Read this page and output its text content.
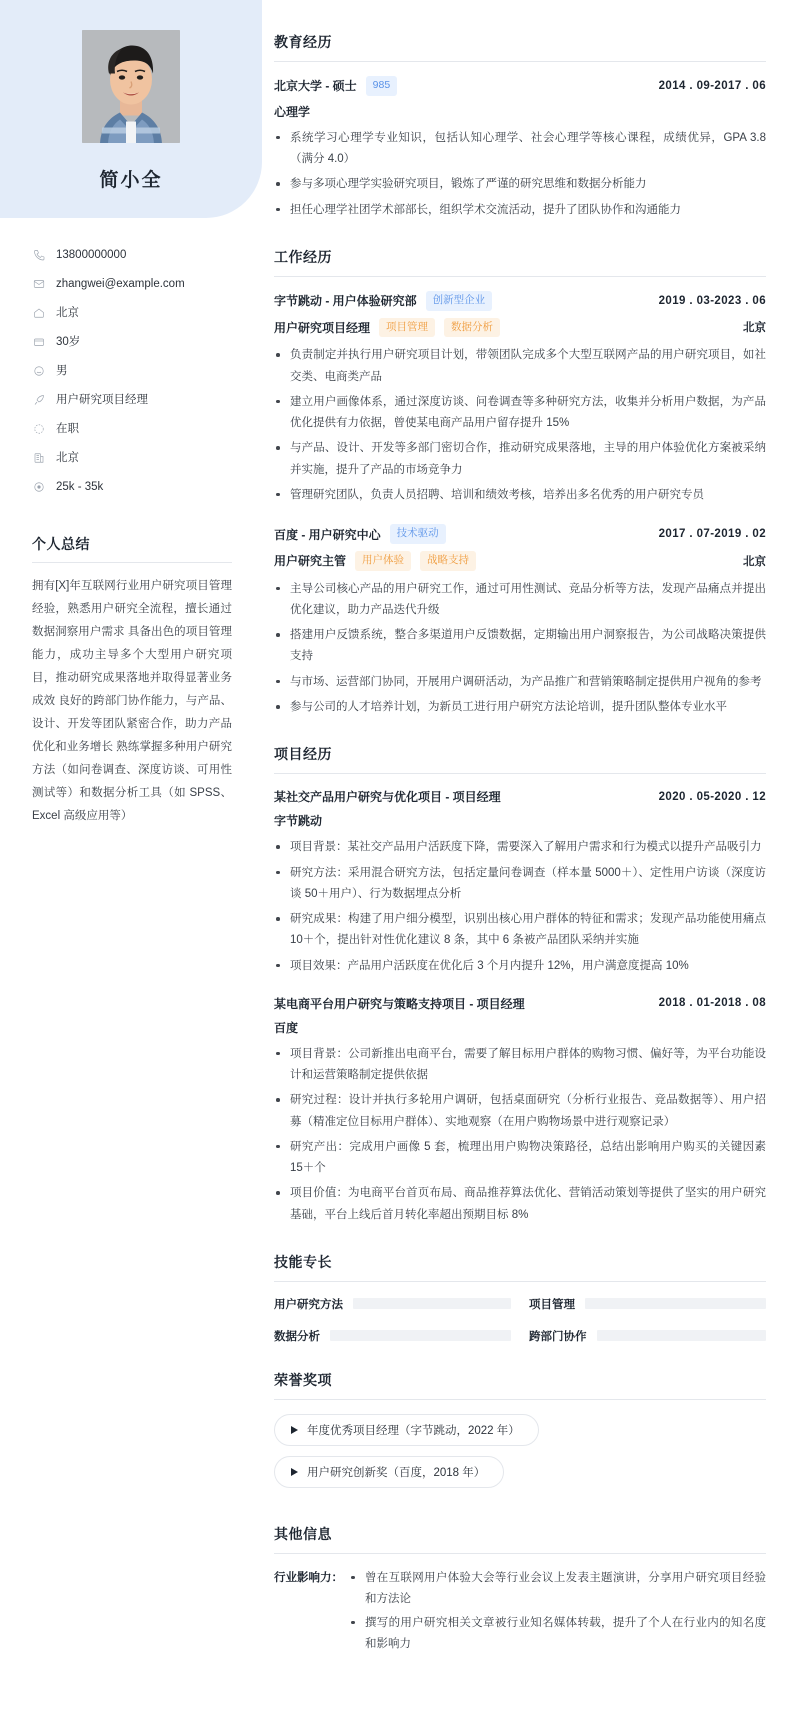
简小全
13800000000
zhangwei@example.com
北京
30岁
男
用户研究项目经理
在职
北京
25k - 35k
个人总结
拥有[X]年互联网行业用户研究项目管理经验，熟悉用户研究全流程，擅长通过数据洞察用户需求 具备出色的项目管理能力，成功主导多个大型用户研究项目，推动研究成果落地并取得显著业务成效 良好的跨部门协作能力，与产品、设计、开发等团队紧密合作，助力产品优化和业务增长 熟练掌握多种用户研究方法（如问卷调查、深度访谈、可用性测试等）和数据分析工具（如 SPSS、Excel 高级应用等）
教育经历
北京大学 - 硕士	985	2014 . 09-2017 . 06
心理学
系统学习心理学专业知识，包括认知心理学、社会心理学等核心课程，成绩优异，GPA 3.8（满分 4.0）
参与多项心理学实验研究项目，锻炼了严谨的研究思维和数据分析能力
担任心理学社团学术部部长，组织学术交流活动，提升了团队协作和沟通能力
工作经历
字节跳动 - 用户体验研究部	创新型企业	2019 . 03-2023 . 06
用户研究项目经理	项目管理	数据分析	北京
负责制定并执行用户研究项目计划，带领团队完成多个大型互联网产品的用户研究项目，如社交类、电商类产品
建立用户画像体系，通过深度访谈、问卷调查等多种研究方法，收集并分析用户数据，为产品优化提供有力依据，曾使某电商产品用户留存提升 15%
与产品、设计、开发等多部门密切合作，推动研究成果落地，主导的用户体验优化方案被采纳并实施，提升了产品的市场竞争力
管理研究团队，负责人员招聘、培训和绩效考核，培养出多名优秀的用户研究专员
百度 - 用户研究中心	技术驱动	2017 . 07-2019 . 02
用户研究主管	用户体验	战略支持	北京
主导公司核心产品的用户研究工作，通过可用性测试、竞品分析等方法，发现产品痛点并提出优化建议，助力产品迭代升级
搭建用户反馈系统，整合多渠道用户反馈数据，定期输出用户洞察报告，为公司战略决策提供支持
与市场、运营部门协同，开展用户调研活动，为产品推广和营销策略制定提供用户视角的参考
参与公司的人才培养计划，为新员工进行用户研究方法论培训，提升团队整体专业水平
项目经历
某社交产品用户研究与优化项目 - 项目经理	2020 . 05-2020 . 12
字节跳动
项目背景：某社交产品用户活跃度下降，需要深入了解用户需求和行为模式以提升产品吸引力
研究方法：采用混合研究方法，包括定量问卷调查（样本量 5000＋）、定性用户访谈（深度访谈 50＋用户）、行为数据埋点分析
研究成果：构建了用户细分模型，识别出核心用户群体的特征和需求；发现产品功能使用痛点 10＋个，提出针对性优化建议 8 条，其中 6 条被产品团队采纳并实施
项目效果：产品用户活跃度在优化后 3 个月内提升 12%，用户满意度提高 10%
某电商平台用户研究与策略支持项目 - 项目经理	2018 . 01-2018 . 08
百度
项目背景：公司新推出电商平台，需要了解目标用户群体的购物习惯、偏好等，为平台功能设计和运营策略制定提供依据
研究过程：设计并执行多轮用户调研，包括桌面研究（分析行业报告、竞品数据等）、用户招募（精准定位目标用户群体）、实地观察（在用户购物场景中进行观察记录）
研究产出：完成用户画像 5 套，梳理出用户购物决策路径，总结出影响用户购买的关键因素 15＋个
项目价值：为电商平台首页布局、商品推荐算法优化、营销活动策划等提供了坚实的用户研究基础，平台上线后首月转化率超出预期目标 8%
技能专长
用户研究方法	项目管理
数据分析	跨部门协作
荣誉奖项
年度优秀项目经理（字节跳动，2022 年）
用户研究创新奖（百度，2018 年）
其他信息
行业影响力：	曾在互联网用户体验大会等行业会议上发表主题演讲，分享用户研究项目经验和方法论
撰写的用户研究相关文章被行业知名媒体转载，提升了个人在行业内的知名度和影响力
